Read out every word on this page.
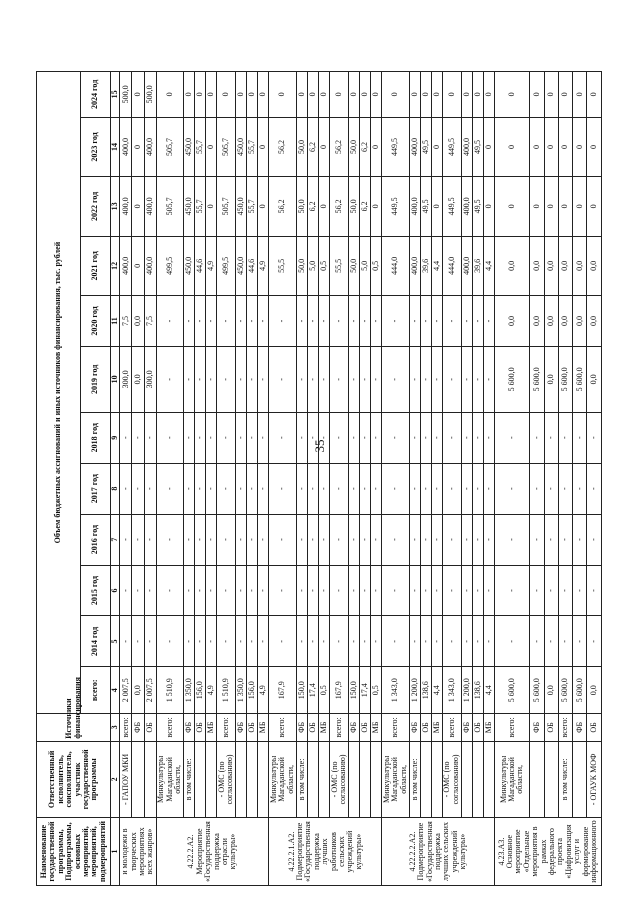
35
Наименование государственной программы, Подпрограммы, основных мероприятий, мероприятий, подмероприятий	Ответственный исполнитель, соисполнитель, участник государственной программы	Источники финансирования	Объем бюджетных ассигнований и иных источников финансирования, тыс. рублей											
			всего:	2014 год	2015 год	2016 год	2017 год	2018 год	2019 год	2020 год	2021 год	2022 год	2023 год	2024 год
1	2	3	4	5	6	7	8	9	10	11	12	13	14	15
и молодежи в творческих мероприятиях всех жанров»	- ГАПОУ МКИ	всего:	2 007,5	-	-	-	-	-	300,0	7,5	400,0	400,0	400,0	500,0
		ФБ	0,0	-	-	-	-	-	0,0	0,0	0	0	0	0
		ОБ	2 007,5	-	-	-	-	-	300,0	7,5	400,0	400,0	400,0	500,0
4.22.2.А2. Мероприятие «Государственная поддержка отрасли культуры»	Минкультуры Магаданской области,	всего:	1 510,9	-	-	-	-	-	-	-	499,5	505,7	505,7	0
	в том числе:	ФБ	1 350,0	-	-	-	-	-	-	-	450,0	450,0	450,0	0
		ОБ	156,0	-	-	-	-	-	-	-	44,6	55,7	55,7	0
		МБ	4,9	-	-	-	-	-	-	-	4,9	0	0	0
	- ОМС (по согласованию)	всего:	1 510,9	-	-	-	-	-	-	-	499,5	505,7	505,7	0
		ФБ	1 350,0	-	-	-	-	-	-	-	450,0	450,0	450,0	0
		ОБ	156,0	-	-	-	-	-	-	-	44,6	55,7	55,7	0
		МБ	4,9	-	-	-	-	-	-	-	4,9	0	0	0
4.22.2.1.А2. Подмероприятие «Государственная поддержка лучших работников сельских учреждений культуры»	Минкультуры Магаданской области,	всего:	167,9	-	-	-	-	-	-	-	55,5	56,2	56,2	0
	в том числе:	ФБ	150,0	-	-	-	-	-	-	-	50,0	50,0	50,0	0
		ОБ	17,4	-	-	-	-	-	-	-	5,0	6,2	6,2	0
		МБ	0,5	-	-	-	-	-	-	-	0,5	0	0	0
	- ОМС (по согласованию)	всего:	167,9	-	-	-	-	-	-	-	55,5	56,2	56,2	0
		ФБ	150,0	-	-	-	-	-	-	-	50,0	50,0	50,0	0
		ОБ	17,4	-	-	-	-	-	-	-	5,0	6,2	6,2	0
		МБ	0,5	-	-	-	-	-	-	-	0,5	0	0	0
4.22.2.2.А2. Подмероприятие «Государственная поддержка лучших сельских учреждений культуры»	Минкультуры Магаданской области,	всего:	1 343,0	-	-	-	-	-	-	-	444,0	449,5	449,5	0
	в том числе:	ФБ	1 200,0	-	-	-	-	-	-	-	400,0	400,0	400,0	0
		ОБ	138,6	-	-	-	-	-	-	-	39,6	49,5	49,5	0
		МБ	4,4	-	-	-	-	-	-	-	4,4	0	0	0
	- ОМС (по согласованию)	всего:	1 343,0	-	-	-	-	-	-	-	444,0	449,5	449,5	0
		ФБ	1 200,0	-	-	-	-	-	-	-	400,0	400,0	400,0	0
		ОБ	138,6	-	-	-	-	-	-	-	39,6	49,5	49,5	0
		МБ	4,4	-	-	-	-	-	-	-	4,4	0	0	0
4.23.А3. Основное мероприятие «Отдельные мероприятия в рамках федерального проекта «Цифровизация услуг и формирование информационного	Минкультуры Магаданской области,	всего:	5 600,0	-	-	-	-	-	5 600,0	0,0	0,0	0	0	0
		ФБ	5 600,0	-	-	-	-	-	5 600,0	0,0	0,0	0	0	0
		ОБ	0,0	-	-	-	-	-	0,0	0,0	0,0	0	0	0
	в том числе:	всего:	5 600,0	-	-	-	-	-	5 600,0	0,0	0,0	0	0	0
		ФБ	5 600,0	-	-	-	-	-	5 600,0	0,0	0,0	0	0	0
	- ОГАУК МОФ	ОБ	0,0	-	-	-	-	-	0,0	0,0	0,0	0	0	0
